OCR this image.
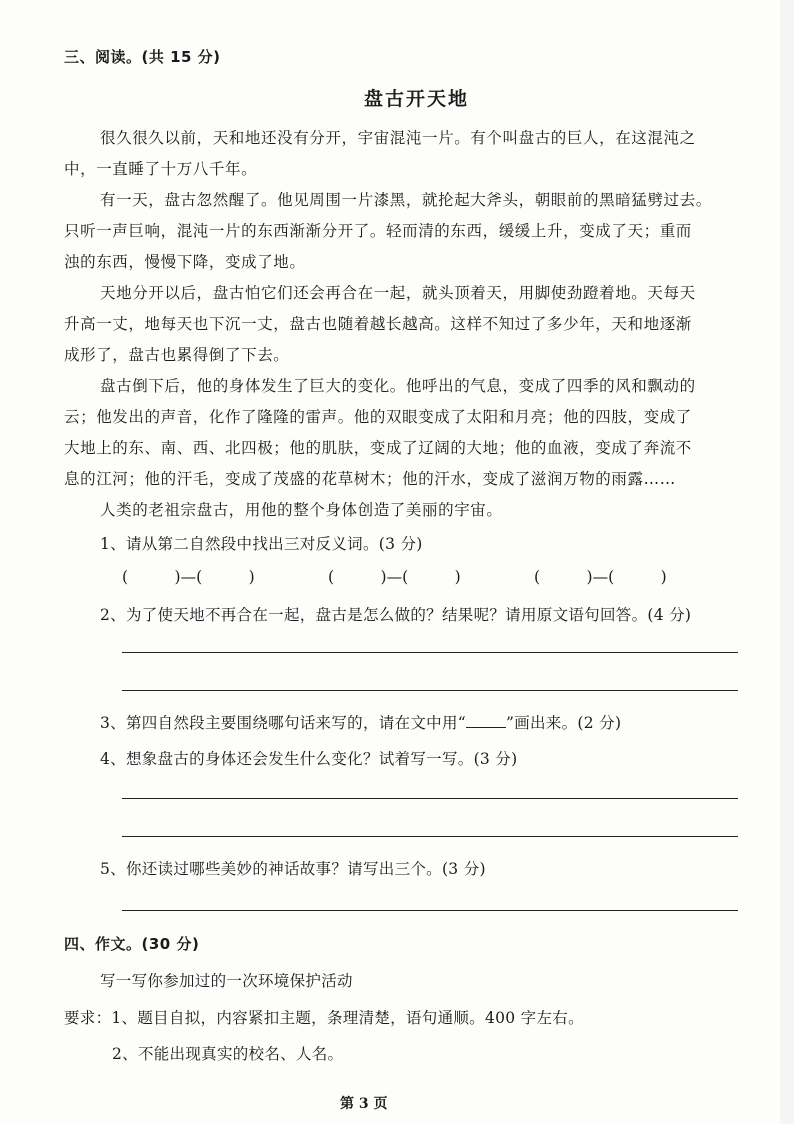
三、阅读。(共 15 分)
盘古开天地
很久很久以前，天和地还没有分开，宇宙混沌一片。有个叫盘古的巨人，在这混沌之
中，一直睡了十万八千年。
有一天，盘古忽然醒了。他见周围一片漆黑，就抡起大斧头，朝眼前的黑暗猛劈过去。
只听一声巨响，混沌一片的东西渐渐分开了。轻而清的东西，缓缓上升，变成了天；重而
浊的东西，慢慢下降，变成了地。
天地分开以后，盘古怕它们还会再合在一起，就头顶着天，用脚使劲蹬着地。天每天
升高一丈，地每天也下沉一丈，盘古也随着越长越高。这样不知过了多少年，天和地逐渐
成形了，盘古也累得倒了下去。
盘古倒下后，他的身体发生了巨大的变化。他呼出的气息，变成了四季的风和飘动的
云；他发出的声音，化作了隆隆的雷声。他的双眼变成了太阳和月亮；他的四肢，变成了
大地上的东、南、西、北四极；他的肌肤，变成了辽阔的大地；他的血液，变成了奔流不
息的江河；他的汗毛，变成了茂盛的花草树木；他的汗水，变成了滋润万物的雨露……
人类的老祖宗盘古，用他的整个身体创造了美丽的宇宙。
1、请从第二自然段中找出三对反义词。(3 分)
(　　　)—(　　　)	(　　　)—(　　　)	(　　　)—(　　　)
2、为了使天地不再合在一起，盘古是怎么做的？结果呢？请用原文语句回答。(4 分)
3、第四自然段主要围绕哪句话来写的，请在文中用“	”画出来。(2 分)
4、想象盘古的身体还会发生什么变化？试着写一写。(3 分)
5、你还读过哪些美妙的神话故事？请写出三个。(3 分)
四、作文。(30 分)
写一写你参加过的一次环境保护活动
要求：1、题目自拟，内容紧扣主题，条理清楚，语句通顺。400 字左右。
2、不能出现真实的校名、人名。
第 3 页
